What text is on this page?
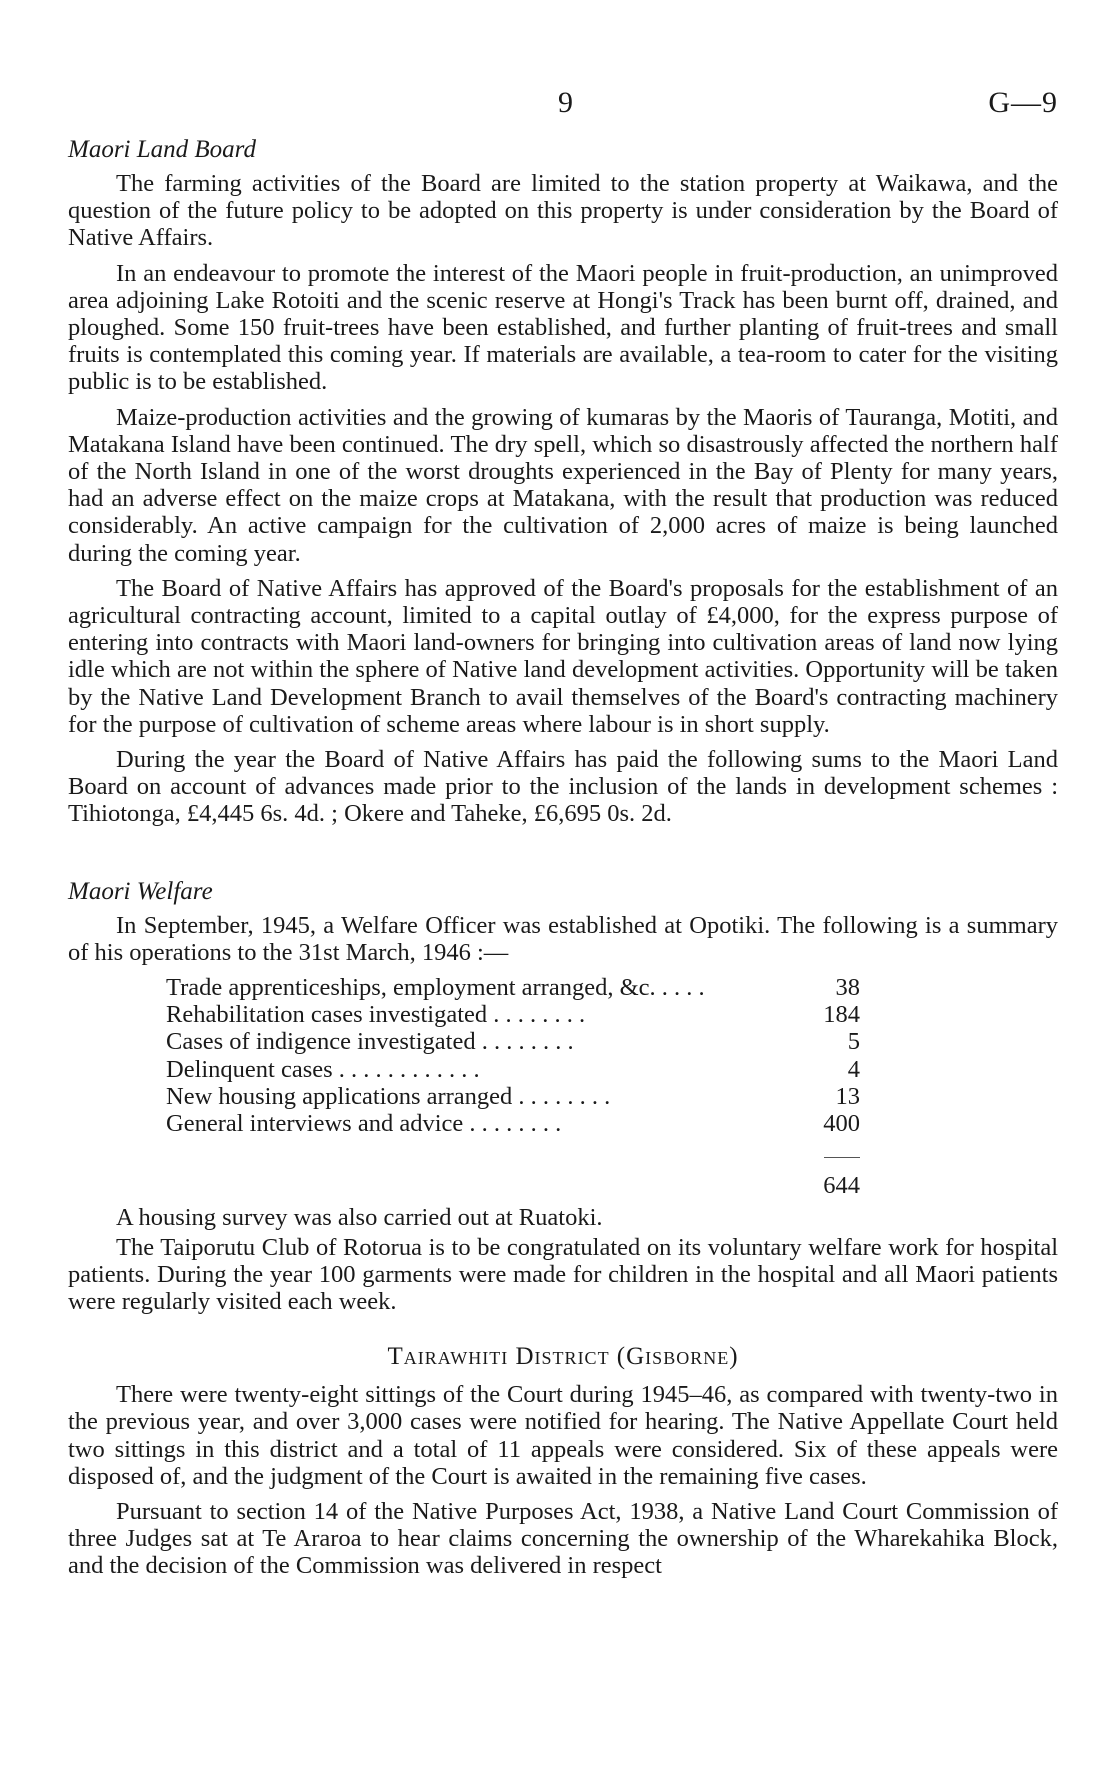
9	G—9
Maori Land Board

The farming activities of the Board are limited to the station property at Waikawa, and the question of the future policy to be adopted on this property is under consideration by the Board of Native Affairs.

In an endeavour to promote the interest of the Maori people in fruit-production, an unimproved area adjoining Lake Rotoiti and the scenic reserve at Hongi's Track has been burnt off, drained, and ploughed. Some 150 fruit-trees have been established, and further planting of fruit-trees and small fruits is contemplated this coming year. If materials are available, a tea-room to cater for the visiting public is to be established.

Maize-production activities and the growing of kumaras by the Maoris of Tauranga, Motiti, and Matakana Island have been continued. The dry spell, which so disastrously affected the northern half of the North Island in one of the worst droughts experienced in the Bay of Plenty for many years, had an adverse effect on the maize crops at Matakana, with the result that production was reduced considerably. An active campaign for the cultivation of 2,000 acres of maize is being launched during the coming year.

The Board of Native Affairs has approved of the Board's proposals for the establishment of an agricultural contracting account, limited to a capital outlay of £4,000, for the express purpose of entering into contracts with Maori land-owners for bringing into cultivation areas of land now lying idle which are not within the sphere of Native land development activities. Opportunity will be taken by the Native Land Development Branch to avail themselves of the Board's contracting machinery for the purpose of cultivation of scheme areas where labour is in short supply.

During the year the Board of Native Affairs has paid the following sums to the Maori Land Board on account of advances made prior to the inclusion of the lands in development schemes : Tihiotonga, £4,445 6s. 4d. ; Okere and Taheke, £6,695 0s. 2d.

Maori Welfare

In September, 1945, a Welfare Officer was established at Opotiki. The following is a summary of his operations to the 31st March, 1946 :—

Trade apprenticeships, employment arranged, &c. . . . .	38
Rehabilitation cases investigated . . . . . . . .	184
Cases of indigence investigated . . . . . . . .	5
Delinquent cases . . . . . . . . . . . .	4
New housing applications arranged . . . . . . . .	13
General interviews and advice . . . . . . . .	400
644

A housing survey was also carried out at Ruatoki.

The Taiporutu Club of Rotorua is to be congratulated on its voluntary welfare work for hospital patients. During the year 100 garments were made for children in the hospital and all Maori patients were regularly visited each week.

Tairawhiti District (Gisborne)

There were twenty-eight sittings of the Court during 1945–46, as compared with twenty-two in the previous year, and over 3,000 cases were notified for hearing. The Native Appellate Court held two sittings in this district and a total of 11 appeals were considered. Six of these appeals were disposed of, and the judgment of the Court is awaited in the remaining five cases.

Pursuant to section 14 of the Native Purposes Act, 1938, a Native Land Court Commission of three Judges sat at Te Araroa to hear claims concerning the ownership of the Wharekahika Block, and the decision of the Commission was delivered in respect
